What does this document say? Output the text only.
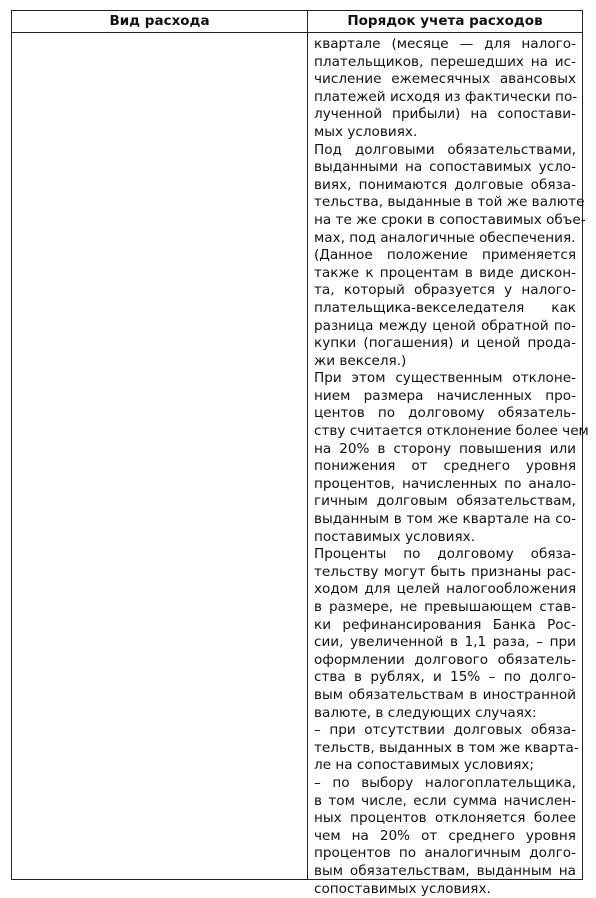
Вид расхода	Порядок учета расходов
кварталe (месяце — для налого-
плательщиков, перешедших на ис-
числение ежемесячных авансовых
платежей исходя из фактически по-
лученной прибыли) на сопостави-
мых условиях.
Под долговыми обязательствами,
выданными на сопоставимых усло-
виях, понимаются долговые обяза-
тельства, выданные в той же валюте
на те же сроки в сопоставимых объе-
мах, под аналогичные обеспечения.
(Данное положение применяется
также к процентам в виде дискон-
та, который образуется у налого-
плательщика-векселедателя как
разница между ценой обратной по-
купки (погашения) и ценой прода-
жи векселя.)
При этом существенным отклоне-
нием размера начисленных про-
центов по долговому обязатель-
ству считается отклонение более чем
на 20% в сторону повышения или
понижения от среднего уровня
процентов, начисленных по анало-
гичным долговым обязательствам,
выданным в том же квартале на со-
поставимых условиях.
Проценты по долговому обяза-
тельству могут быть признаны рас-
ходом для целей налогообложения
в размере, не превышающем став-
ки рефинансирования Банка Рос-
сии, увеличенной в 1,1 раза, – при
оформлении долгового обязатель-
ства в рублях, и 15% – по долго-
вым обязательствам в иностранной
валюте, в следующих случаях:
– при отсутствии долговых обяза-
тельств, выданных в том же кварта-
ле на сопоставимых условиях;
– по выбору налогоплательщика,
в том числе, если сумма начислен-
ных процентов отклоняется более
чем на 20% от среднего уровня
процентов по аналогичным долго-
вым обязательствам, выданным на
сопоставимых условиях.
